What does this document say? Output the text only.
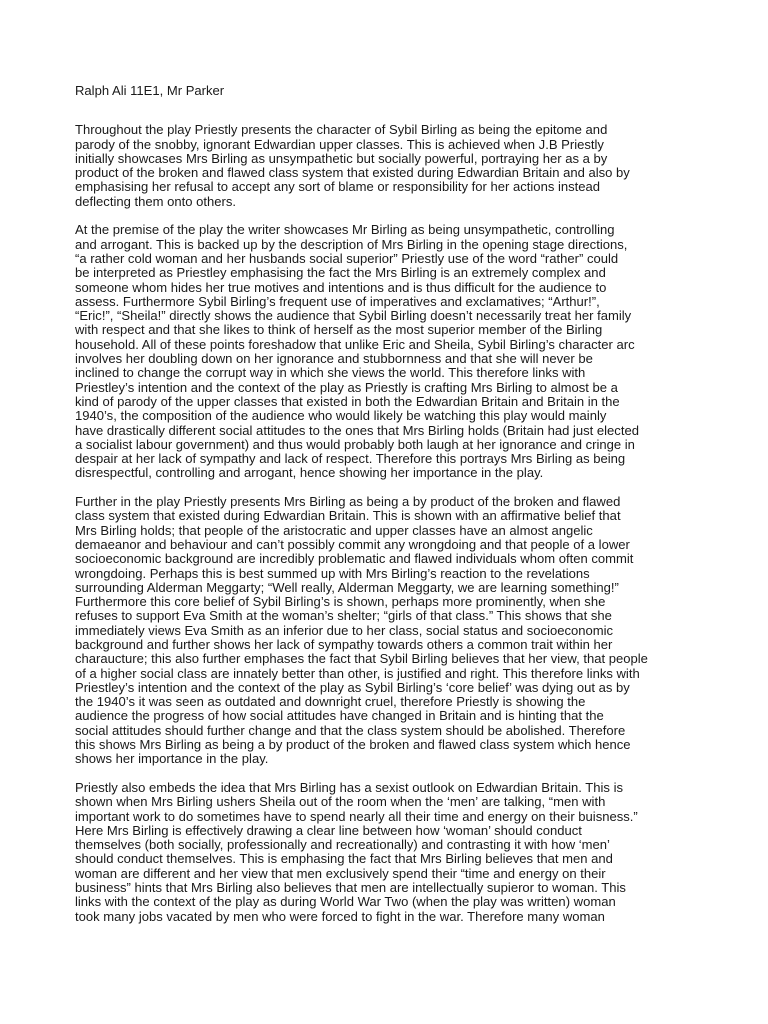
Ralph Ali 11E1, Mr Parker
Throughout the play Priestly presents the character of Sybil Birling as being the epitome and
parody of the snobby, ignorant Edwardian upper classes. This is achieved when J.B Priestly
initially showcases Mrs Birling as unsympathetic but socially powerful, portraying her as a by
product of the broken and flawed class system that existed during Edwardian Britain and also by
emphasising her refusal to accept any sort of blame or responsibility for her actions instead
deflecting them onto others.
At the premise of the play the writer showcases Mr Birling as being unsympathetic, controlling
and arrogant. This is backed up by the description of Mrs Birling in the opening stage directions,
“a rather cold woman and her husbands social superior” Priestly use of the word “rather” could
be interpreted as Priestley emphasising the fact the Mrs Birling is an extremely complex and
someone whom hides her true motives and intentions and is thus difficult for the audience to
assess. Furthermore Sybil Birling’s frequent use of imperatives and exclamatives; “Arthur!”,
“Eric!”, “Sheila!” directly shows the audience that Sybil Birling doesn’t necessarily treat her family
with respect and that she likes to think of herself as the most superior member of the Birling
household. All of these points foreshadow that unlike Eric and Sheila, Sybil Birling’s character arc
involves her doubling down on her ignorance and stubbornness and that she will never be
inclined to change the corrupt way in which she views the world. This therefore links with
Priestley’s intention and the context of the play as Priestly is crafting Mrs Birling to almost be a
kind of parody of the upper classes that existed in both the Edwardian Britain and Britain in the
1940’s, the composition of the audience who would likely be watching this play would mainly
have drastically different social attitudes to the ones that Mrs Birling holds (Britain had just elected
a socialist labour government) and thus would probably both laugh at her ignorance and cringe in
despair at her lack of sympathy and lack of respect. Therefore this portrays Mrs Birling as being
disrespectful, controlling and arrogant, hence showing her importance in the play.
Further in the play Priestly presents Mrs Birling as being a by product of the broken and flawed
class system that existed during Edwardian Britain. This is shown with an affirmative belief that
Mrs Birling holds; that people of the aristocratic and upper classes have an almost angelic
demaeanor and behaviour and can’t possibly commit any wrongdoing and that people of a lower
socioeconomic background are incredibly problematic and flawed individuals whom often commit
wrongdoing. Perhaps this is best summed up with Mrs Birling’s reaction to the revelations
surrounding Alderman Meggarty; “Well really, Alderman Meggarty, we are learning something!”
Furthermore this core belief of Sybil Birling’s is shown, perhaps more prominently, when she
refuses to support Eva Smith at the woman’s shelter; “girls of that class.” This shows that she
immediately views Eva Smith as an inferior due to her class, social status and socioeconomic
background and further shows her lack of sympathy towards others a common trait within her
charaucture; this also further emphases the fact that Sybil Birling believes that her view, that people
of a higher social class are innately better than other, is justified and right. This therefore links with
Priestley’s intention and the context of the play as Sybil Birling’s ‘core belief’ was dying out as by
the 1940’s it was seen as outdated and downright cruel, therefore Priestly is showing the
audience the progress of how social attitudes have changed in Britain and is hinting that the
social attitudes should further change and that the class system should be abolished. Therefore
this shows Mrs Birling as being a by product of the broken and flawed class system which hence
shows her importance in the play.
Priestly also embeds the idea that Mrs Birling has a sexist outlook on Edwardian Britain. This is
shown when Mrs Birling ushers Sheila out of the room when the ‘men’ are talking, “men with
important work to do sometimes have to spend nearly all their time and energy on their buisness.”
Here Mrs Birling is effectively drawing a clear line between how ‘woman’ should conduct
themselves (both socially, professionally and recreationally) and contrasting it with how ‘men’
should conduct themselves. This is emphasing the fact that Mrs Birling believes that men and
woman are different and her view that men exclusively spend their “time and energy on their
business” hints that Mrs Birling also believes that men are intellectually supieror to woman. This
links with the context of the play as during World War Two (when the play was written) woman
took many jobs vacated by men who were forced to fight in the war. Therefore many woman
